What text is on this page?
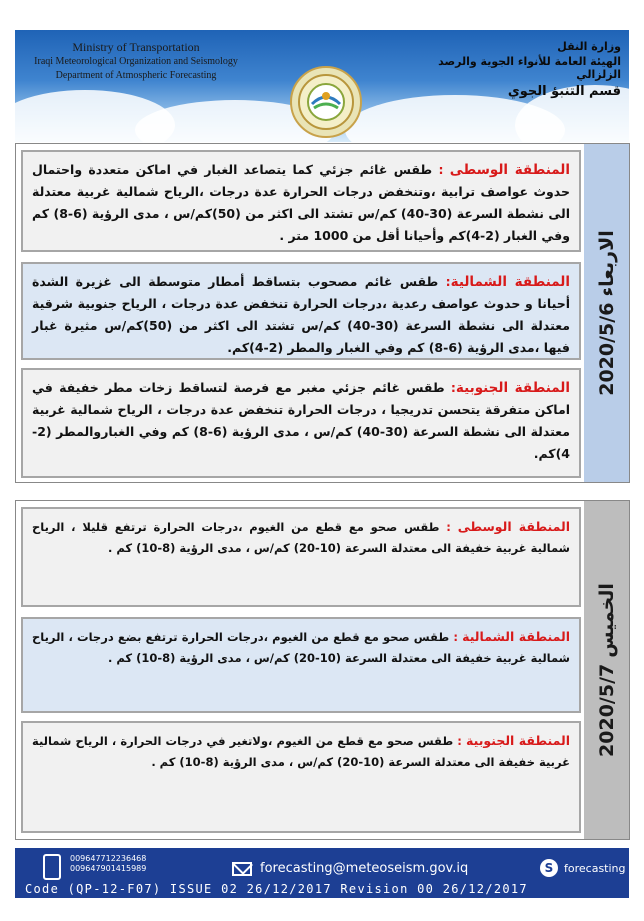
Ministry of Transportation
Iraqi Meteorological Organization and Seismology
Department of Atmospheric Forecasting
وزارة النقل
الهيئة العامة للأنواء الجوية والرصد الزلزالي
قسم التنبؤ الجوي
المنطقة الوسطى : طقس غائم جزئي كما يتصاعد الغبار في اماكن متعددة واحتمال حدوث عواصف ترابية ،وتنخفض درجات الحرارة عدة درجات ،الرياح شمالية غربية معتدلة الى نشطة السرعة (30-40) كم/س تشتد الى اكثر من (50)كم/س ، مدى الرؤية (6-8) كم وفي الغبار (2-4)كم وأحيانا أقل من 1000 متر .
المنطقة الشمالية: طقس غائم مصحوب بتساقط أمطار متوسطة الى غزيرة الشدة أحيانا و حدوث عواصف رعدية ،درجات الحرارة تنخفض عدة درجات ، الرياح جنوبية شرقية معتدلة الى نشطة السرعة (30-40) كم/س تشتد الى اكثر من (50)كم/س مثيرة غبار فيها ،مدى الرؤية (6-8) كم وفي الغبار والمطر (2-4)كم.
المنطقة الجنوبية: طقس غائم جزئي مغبر مع فرصة لتساقط زخات مطر خفيفة في اماكن متفرقة يتحسن تدريجيا ، درجات الحرارة تنخفض عدة درجات ، الرياح شمالية غربية معتدلة الى نشطة السرعة (30-40) كم/س ، مدى الرؤية (6-8) كم وفي الغباروالمطر (2-4)كم.
2020/5/6
الاربعاء
المنطقة الوسطى : طقس صحو مع قطع من الغيوم ،درجات الحرارة ترتفع قليلا ، الرياح شمالية غربية خفيفة الى معتدلة السرعة (10-20) كم/س ، مدى الرؤية (8-10) كم .
المنطقة الشمالية : طقس صحو مع قطع من الغيوم ،درجات الحرارة ترتفع بضع درجات ، الرياح شمالية غربية خفيفة الى معتدلة السرعة (10-20) كم/س ، مدى الرؤية (8-10) كم .
المنطقة الجنوبية : طقس صحو مع قطع من الغيوم ،ولاتغير في درجات الحرارة ، الرياح شمالية غربية خفيفة الى معتدلة السرعة (10-20) كم/س ، مدى الرؤية (8-10) كم .
2020/5/7
الخميس
009647712236468
009647901415989	forecasting@meteoseism.gov.iq	S forecasting
Code (QP-12-F07) ISSUE 02 26/12/2017 Revision 00 26/12/2017
